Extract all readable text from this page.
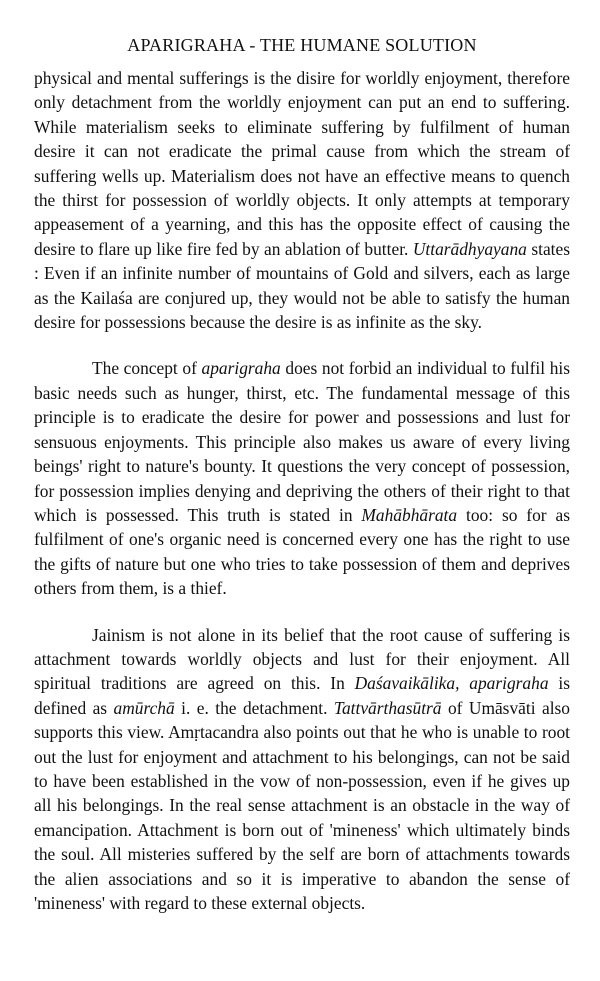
APARIGRAHA - THE HUMANE SOLUTION

physical and mental sufferings is the disire for worldly enjoyment, therefore only detachment from the worldly enjoyment can put an end to suffering. While materialism seeks to eliminate suffering by fulfilment of human desire it can not eradicate the primal cause from which the stream of suffering wells up. Materialism does not have an effective means to quench the thirst for possession of worldly objects. It only attempts at temporary appeasement of a yearning, and this has the opposite effect of causing the desire to flare up like fire fed by an ablation of butter. Uttarādhyayana states : Even if an infinite number of mountains of Gold and silvers, each as large as the Kailaśa are conjured up, they would not be able to satisfy the human desire for possessions because the desire is as infinite as the sky.

The concept of aparigraha does not forbid an individual to fulfil his basic needs such as hunger, thirst, etc. The fundamental message of this principle is to eradicate the desire for power and possessions and lust for sensuous enjoyments. This principle also makes us aware of every living beings' right to nature's bounty. It questions the very concept of possession, for possession implies denying and depriving the others of their right to that which is possessed. This truth is stated in Mahābhārata too: so for as fulfilment of one's organic need is concerned every one has the right to use the gifts of nature but one who tries to take possession of them and deprives others from them, is a thief.

Jainism is not alone in its belief that the root cause of suffering is attachment towards worldly objects and lust for their enjoyment. All spiritual traditions are agreed on this. In Daśavaikālika, aparigraha is defined as amūrchā i. e. the detachment. Tattvārthasūtrā of Umāsvāti also supports this view. Amṛtacandra also points out that he who is unable to root out the lust for enjoyment and attachment to his belongings, can not be said to have been established in the vow of non-possession, even if he gives up all his belongings. In the real sense attachment is an obstacle in the way of emancipation. Attachment is born out of 'mineness' which ultimately binds the soul. All misteries suffered by the self are born of attachments towards the alien associations and so it is imperative to abandon the sense of 'mineness' with regard to these external objects.
